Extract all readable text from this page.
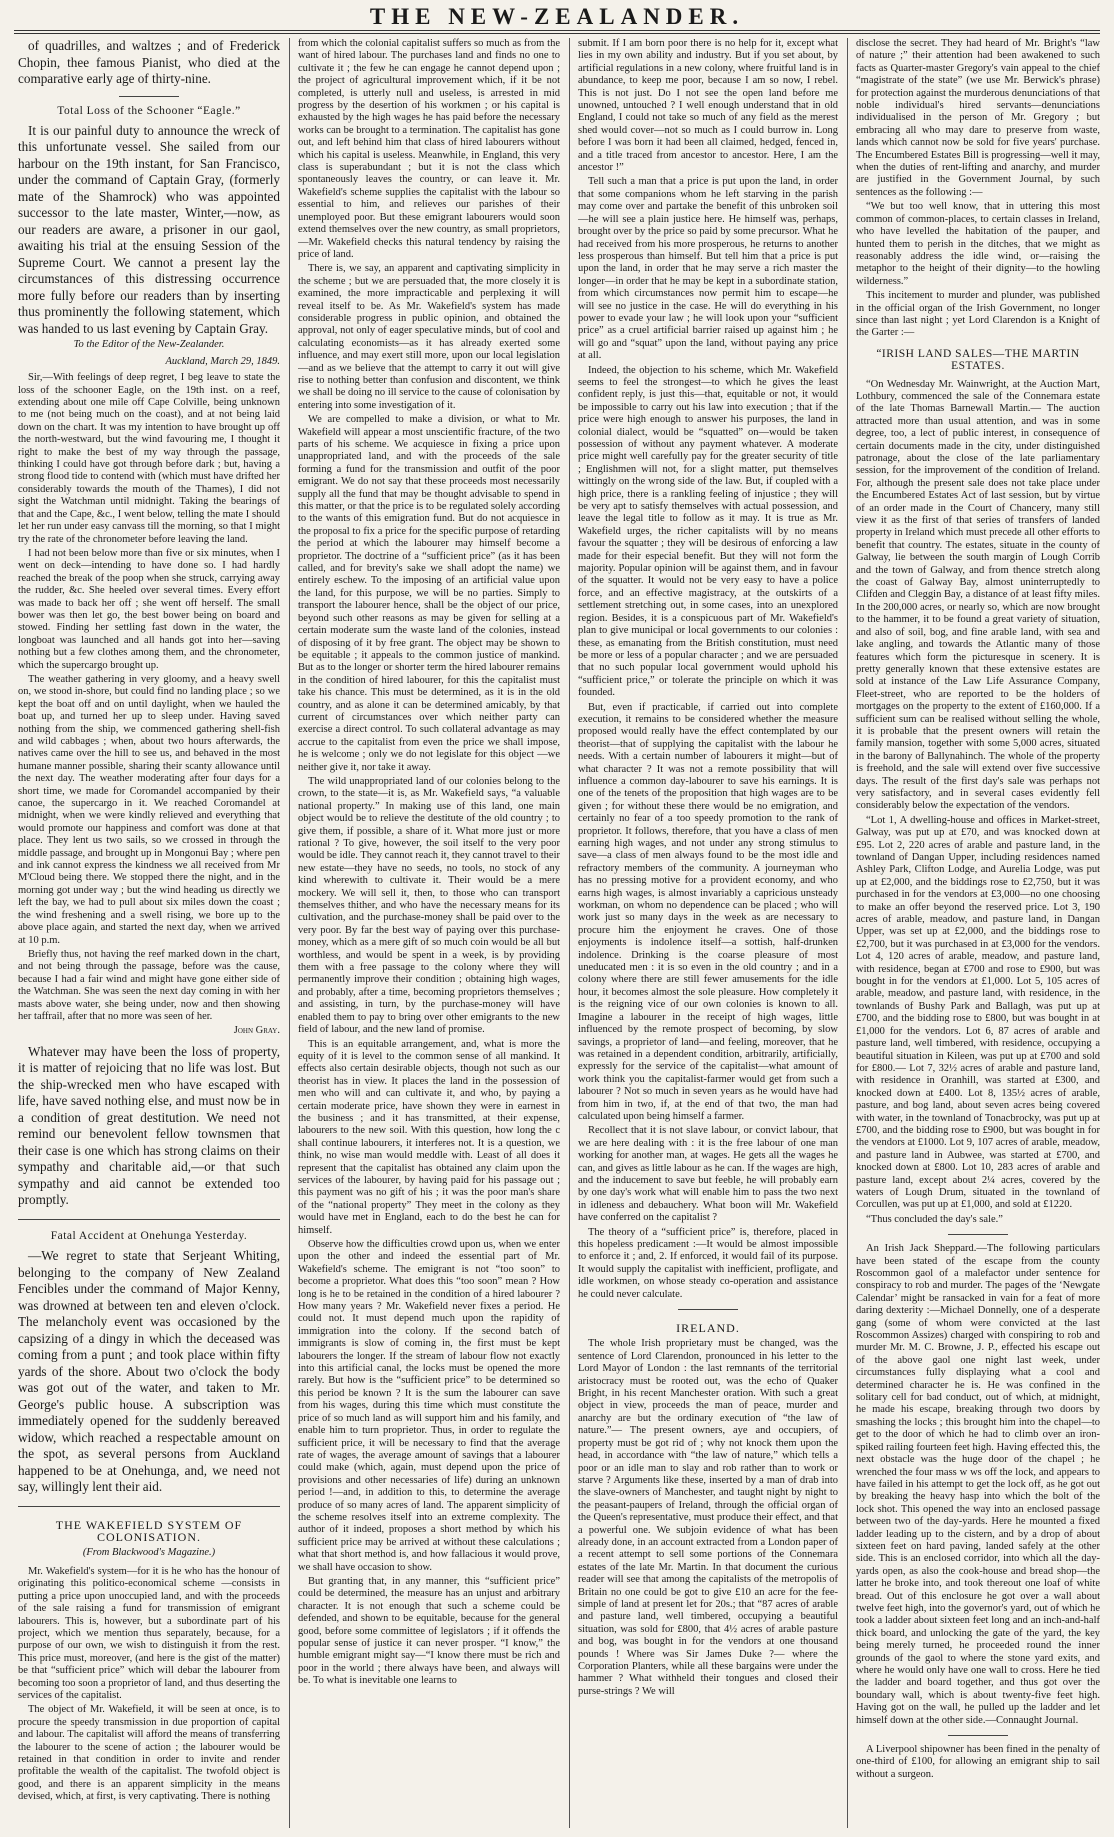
THE NEW-ZEALANDER.

of quadrilles, and waltzes ; and of Frederick Chopin, thee famous Pianist, who died at the comparative early age of thirty-nine.

Total Loss of the Schooner “Eagle.”

It is our painful duty to announce the wreck of this unfortunate vessel. She sailed from our harbour on the 19th instant, for San Francisco, under the command of Captain Gray, (formerly mate of the Shamrock) who was appointed successor to the late master, Winter,—now, as our readers are aware, a prisoner in our gaol, awaiting his trial at the ensuing Session of the Supreme Court. We cannot a present lay the circumstances of this distressing occurrence more fully before our readers than by inserting thus prominently the following statement, which was handed to us last evening by Captain Gray.

To the Editor of the New-Zealander.
Auckland, March 29, 1849.

Sir,—With feelings of deep regret, I beg leave to state the loss of the schooner Eagle, on the 19th inst. on a reef, extending about one mile off Cape Colville, being unknown to me (not being much on the coast), and at not being laid down on the chart. It was my intention to have brought up off the north-westward, but the wind favouring me, I thought it right to make the best of my way through the passage, thinking I could have got through before dark ; but, having a strong flood tide to contend with (which must have drifted her considerably towards the mouth of the Thames), I did not sight the Watchman until midnight. Taking the bearings of that and the Cape, &c., I went below, telling the mate I should let her run under easy canvass till the morning, so that I might try the rate of the chronometer before leaving the land.

I had not been below more than five or six minutes, when I went on deck—intending to have done so. I had hardly reached the break of the poop when she struck, carrying away the rudder, &c. She heeled over several times. Every effort was made to back her off ; she went off herself. The small bower was then let go, the best bower being on board and stowed. Finding her settling fast down in the water, the longboat was launched and all hands got into her—saving nothing but a few clothes among them, and the chronometer, which the supercargo brought up.

The weather gathering in very gloomy, and a heavy swell on, we stood in-shore, but could find no landing place ; so we kept the boat off and on until daylight, when we hauled the boat up, and turned her up to sleep under. Having saved nothing from the ship, we commenced gathering shell-fish and wild cabbages ; when, about two hours afterwards, the natives came over the hill to see us, and behaved in the most humane manner possible, sharing their scanty allowance until the next day. The weather moderating after four days for a short time, we made for Coromandel accompanied by their canoe, the supercargo in it. We reached Coromandel at midnight, when we were kindly relieved and everything that would promote our happiness and comfort was done at that place. They lent us two sails, so we crossed in through the middle passage, and brought up in Mongonui Bay ; where pen and ink cannot express the kindness we all received from Mr M'Cloud being there. We stopped there the night, and in the morning got under way ; but the wind heading us directly we left the bay, we had to pull about six miles down the coast ; the wind freshening and a swell rising, we bore up to the above place again, and started the next day, when we arrived at 10 p.m.

Briefly thus, not having the reef marked down in the chart, and not being through the passage, before was the cause, because I had a fair wind and might have gone either side of the Watchman. She was seen the next day coming in with her masts above water, she being under, now and then showing her taffrail, after that no more was seen of her.

John Gray.

Whatever may have been the loss of property, it is matter of rejoicing that no life was lost. But the ship-wrecked men who have escaped with life, have saved nothing else, and must now be in a condition of great destitution. We need not remind our benevolent fellow townsmen that their case is one which has strong claims on their sympathy and charitable aid,—or that such sympathy and aid cannot be extended too promptly.

Fatal Accident at Onehunga Yesterday.

—We regret to state that Serjeant Whiting, belonging to the company of New Zealand Fencibles under the command of Major Kenny, was drowned at between ten and eleven o'clock. The melancholy event was occasioned by the capsizing of a dingy in which the deceased was coming from a punt ; and took place within fifty yards of the shore. About two o'clock the body was got out of the water, and taken to Mr. George's public house. A subscription was immediately opened for the suddenly bereaved widow, which reached a respectable amount on the spot, as several persons from Auckland happened to be at Onehunga, and, we need not say, willingly lent their aid.

THE WAKEFIELD SYSTEM OF COLONISATION.
(From Blackwood's Magazine.)

Mr. Wakefield's system—for it is he who has the honour of originating this politico-economical scheme —consists in putting a price upon unoccupied land, and with the proceeds of the sale raising a fund for transmission of emigrant labourers. This is, however, but a subordinate part of his project, which we mention thus separately, because, for a purpose of our own, we wish to distinguish it from the rest. This price must, moreover, (and here is the gist of the matter) be that “sufficient price” which will debar the labourer from becoming too soon a proprietor of land, and thus deserting the services of the capitalist.

The object of Mr. Wakefield, it will be seen at once, is to procure the speedy transmission in due proportion of capital and labour. The capitalist will afford the means of transferring the labourer to the scene of action ; the labourer would be retained in that condition in order to invite and render profitable the wealth of the capitalist. The twofold object is good, and there is an apparent simplicity in the means devised, which, at first, is very captivating. There is nothing

from which the colonial capitalist suffers so much as from the want of hired labour. The purchases land and finds no one to cultivate it ; the few he can engage he cannot depend upon ; the project of agricultural improvement which, if it be not completed, is utterly null and useless, is arrested in mid progress by the desertion of his workmen ; or his capital is exhausted by the high wages he has paid before the necessary works can be brought to a termination. The capitalist has gone out, and left behind him that class of hired labourers without which his capital is useless. Meanwhile, in England, this very class is superabundant ; but it is not the class which spontaneously leaves the country, or can leave it. Mr. Wakefield's scheme supplies the capitalist with the labour so essential to him, and relieves our parishes of their unemployed poor. But these emigrant labourers would soon extend themselves over the new country, as small proprietors,—Mr. Wakefield checks this natural tendency by raising the price of land.

There is, we say, an apparent and captivating simplicity in the scheme ; but we are persuaded that, the more closely it is examined, the more impracticable and perplexing it will reveal itself to be. As Mr. Wakefield's system has made considerable progress in public opinion, and obtained the approval, not only of eager speculative minds, but of cool and calculating economists—as it has already exerted some influence, and may exert still more, upon our local legislation—and as we believe that the attempt to carry it out will give rise to nothing better than confusion and discontent, we think we shall be doing no ill service to the cause of colonisation by entering into some investigation of it.

We are compelled to make a division, or what to Mr. Wakefield will appear a most unscientific fracture, of the two parts of his scheme. We acquiesce in fixing a price upon unappropriated land, and with the proceeds of the sale forming a fund for the transmission and outfit of the poor emigrant. We do not say that these proceeds most necessarily supply all the fund that may be thought advisable to spend in this matter, or that the price is to be regulated solely according to the wants of this emigration fund. But do not acquiesce in the proposal to fix a price for the specific purpose of retarding the period at which the labourer may himself become a proprietor. The doctrine of a “sufficient price” (as it has been called, and for brevity's sake we shall adopt the name) we entirely eschew. To the imposing of an artificial value upon the land, for this purpose, we will be no parties. Simply to transport the labourer hence, shall be the object of our price, beyond such other reasons as may be given for selling at a certain moderate sum the waste land of the colonies, instead of disposing of it by free grant. The object may be shown to be equitable ; it appeals to the common justice of mankind. But as to the longer or shorter term the hired labourer remains in the condition of hired labourer, for this the capitalist must take his chance. This must be determined, as it is in the old country, and as alone it can be determined amicably, by that current of circumstances over which neither party can exercise a direct control. To such collateral advantage as may accrue to the capitalist from even the price we shall impose, he is welcome ; only we do not legislate for this object —we neither give it, nor take it away.

The wild unappropriated land of our colonies belong to the crown, to the state—it is, as Mr. Wakefield says, “a valuable national property.” In making use of this land, one main object would be to relieve the destitute of the old country ; to give them, if possible, a share of it. What more just or more rational ? To give, however, the soil itself to the very poor would be idle. They cannot reach it, they cannot travel to their new estate—they have no seeds, no tools, no stock of any kind wherewith to cultivate it. Their would be a mere mockery. We will sell it, then, to those who can transport themselves thither, and who have the necessary means for its cultivation, and the purchase-money shall be paid over to the very poor. By far the best way of paying over this purchase-money, which as a mere gift of so much coin would be all but worthless, and would be spent in a week, is by providing them with a free passage to the colony where they will permanently improve their condition ; obtaining high wages, and probably, after a time, becoming proprietors themselves ; and assisting, in turn, by the purchase-money will have enabled them to pay to bring over other emigrants to the new field of labour, and the new land of promise.

This is an equitable arrangement, and, what is more the equity of it is level to the common sense of all mankind. It effects also certain desirable objects, though not such as our theorist has in view. It places the land in the possession of men who will and can cultivate it, and who, by paying a certain moderate price, have shown they were in earnest in the business ; and it has transmitted, at their expense, labourers to the new soil. With this question, how long the c shall continue labourers, it interferes not. It is a question, we think, no wise man would meddle with. Least of all does it represent that the capitalist has obtained any claim upon the services of the labourer, by having paid for his passage out ; this payment was no gift of his ; it was the poor man's share of the “national property” They meet in the colony as they would have met in England, each to do the best he can for himself.

Observe how the difficulties crowd upon us, when we enter upon the other and indeed the essential part of Mr. Wakefield's scheme. The emigrant is not “too soon” to become a proprietor. What does this “too soon” mean ? How long is he to be retained in the condition of a hired labourer ? How many years ? Mr. Wakefield never fixes a period. He could not. It must depend much upon the rapidity of immigration into the colony. If the second batch of immigrants is slow of coming in, the first must be kept labourers the longer. If the stream of labour flow not exactly into this artificial canal, the locks must be opened the more rarely. But how is the “sufficient price” to be determined so this period be known ? It is the sum the labourer can save from his wages, during this time which must constitute the price of so much land as will support him and his family, and enable him to turn proprietor. Thus, in order to regulate the sufficient price, it will be necessary to find that the average rate of wages, the average amount of savings that a labourer could make (which, again, must depend upon the price of provisions and other necessaries of life) during an unknown period !—and, in addition to this, to determine the average produce of so many acres of land. The apparent simplicity of the scheme resolves itself into an extreme complexity. The author of it indeed, proposes a short method by which his sufficient price may be arrived at without these calculations ; what that short method is, and how fallacious it would prove, we shall have occasion to show.

But granting that, in any manner, this “sufficient price” could be determined, the measure has an unjust and arbitrary character. It is not enough that such a scheme could be defended, and shown to be equitable, because for the general good, before some committee of legislators ; if it offends the popular sense of justice it can never prosper. “I know,” the humble emigrant might say—“I know there must be rich and poor in the world ; there always have been, and always will be. To what is inevitable one learns to

submit. If I am born poor there is no help for it, except what lies in my own ability and industry. But if you set about, by artificial regulations in a new colony, where fruitful land is in abundance, to keep me poor, because I am so now, I rebel. This is not just. Do I not see the open land before me unowned, untouched ? I well enough understand that in old England, I could not take so much of any field as the merest shed would cover—not so much as I could burrow in. Long before I was born it had been all claimed, hedged, fenced in, and a title traced from ancestor to ancestor. Here, I am the ancestor !”

Tell such a man that a price is put upon the land, in order that some companions whom he left starving in the parish may come over and partake the benefit of this unbroken soil—he will see a plain justice here. He himself was, perhaps, brought over by the price so paid by some precursor. What he had received from his more prosperous, he returns to another less prosperous than himself. But tell him that a price is put upon the land, in order that he may serve a rich master the longer—in order that he may be kept in a subordinate station, from which circumstances now permit him to escape—he will see no justice in the case. He will do everything in his power to evade your law ; he will look upon your “sufficient price” as a cruel artificial barrier raised up against him ; he will go and “squat” upon the land, without paying any price at all.

Indeed, the objection to his scheme, which Mr. Wakefield seems to feel the strongest—to which he gives the least confident reply, is just this—that, equitable or not, it would be impossible to carry out his law into execution ; that if the price were high enough to answer his purposes, the land in colonial dialect, would be “squatted” on—would be taken possession of without any payment whatever. A moderate price might well carefully pay for the greater security of title ; Englishmen will not, for a slight matter, put themselves wittingly on the wrong side of the law. But, if coupled with a high price, there is a rankling feeling of injustice ; they will be very apt to satisfy themselves with actual possession, and leave the legal title to follow as it may. It is true as Mr. Wakefield urges, the richer capitalists will by no means favour the squatter ; they will be desirous of enforcing a law made for their especial benefit. But they will not form the majority. Popular opinion will be against them, and in favour of the squatter. It would not be very easy to have a police force, and an effective magistracy, at the outskirts of a settlement stretching out, in some cases, into an unexplored region. Besides, it is a conspicuous part of Mr. Wakefield's plan to give municipal or local governments to our colonies : these, as emanating from the British constitution, must need be more or less of a popular character ; and we are persuaded that no such popular local government would uphold his “sufficient price,” or tolerate the principle on which it was founded.

But, even if practicable, if carried out into complete execution, it remains to be considered whether the measure proposed would really have the effect contemplated by our theorist—that of supplying the capitalist with the labour he needs. With a certain number of labourers it might—but of what character ? It was not a remote possibility that will influence a common day-labourer to save his earnings. It is one of the tenets of the proposition that high wages are to be given ; for without these there would be no emigration, and certainly no fear of a too speedy promotion to the rank of proprietor. It follows, therefore, that you have a class of men earning high wages, and not under any strong stimulus to save—a class of men always found to be the most idle and refractory members of the community. A journeyman who has no pressing motive for a provident economy, and who earns high wages, is almost invariably a capricious unsteady workman, on whom no dependence can be placed ; who will work just so many days in the week as are necessary to procure him the enjoyment he craves. One of those enjoyments is indolence itself—a sottish, half-drunken indolence. Drinking is the coarse pleasure of most uneducated men : it is so even in the old country ; and in a colony where there are still fewer amusements for the idle hour, it becomes almost the sole pleasure. How completely it is the reigning vice of our own colonies is known to all. Imagine a labourer in the receipt of high wages, little influenced by the remote prospect of becoming, by slow savings, a proprietor of land—and feeling, moreover, that he was retained in a dependent condition, arbitrarily, artificially, expressly for the service of the capitalist—what amount of work think you the capitalist-farmer would get from such a labourer ? Not so much in seven years as he would have had from him in two, if, at the end of that two, the man had calculated upon being himself a farmer.

Recollect that it is not slave labour, or convict labour, that we are here dealing with : it is the free labour of one man working for another man, at wages. He gets all the wages he can, and gives as little labour as he can. If the wages are high, and the inducement to save but feeble, he will probably earn by one day's work what will enable him to pass the two next in idleness and debauchery. What boon will Mr. Wakefield have conferred on the capitalist ?

The theory of a “sufficient price” is, therefore, placed in this hopeless predicament :—It would be almost impossible to enforce it ; and, 2. If enforced, it would fail of its purpose. It would supply the capitalist with inefficient, profligate, and idle workmen, on whose steady co-operation and assistance he could never calculate.

IRELAND.

The whole Irish proprietary must be changed, was the sentence of Lord Clarendon, pronounced in his letter to the Lord Mayor of London : the last remnants of the territorial aristocracy must be rooted out, was the echo of Quaker Bright, in his recent Manchester oration. With such a great object in view, proceeds the man of peace, murder and anarchy are but the ordinary execution of “the law of nature.”— The present owners, aye and occupiers, of property must be got rid of ; why not knock them upon the head, in accordance with “the law of nature,” which tells a poor or an idle man to slay and rob rather than to work or starve ? Arguments like these, inserted by a man of drab into the slave-owners of Manchester, and taught night by night to the peasant-paupers of Ireland, through the official organ of the Queen's representative, must produce their effect, and that a powerful one. We subjoin evidence of what has been already done, in an account extracted from a London paper of a recent attempt to sell some portions of the Connemara estates of the late Mr. Martin. In that document the curious reader will see that among the capitalists of the metropolis of Britain no one could be got to give £10 an acre for the fee-simple of land at present let for 20s.; that “87 acres of arable and pasture land, well timbered, occupying a beautiful situation, was sold for £800, that 4½ acres of arable pasture and bog, was bought in for the vendors at one thousand pounds ! Where was Sir James Duke ?— where the Corporation Planters, while all these bargains were under the hammer ? What withheld their tongues and closed their purse-strings ? We will

disclose the secret. They had heard of Mr. Bright's “law of nature ;” their attention had been awakened to such facts as Quarter-master Gregory's vain appeal to the chief “magistrate of the state” (we use Mr. Berwick's phrase) for protection against the murderous denunciations of that noble individual's hired servants—denunciations individualised in the person of Mr. Gregory ; but embracing all who may dare to preserve from waste, lands which cannot now be sold for five years' purchase. The Encumbered Estates Bill is progressing—well it may, when the duties of rent-lifting and anarchy, and murder are justified in the Government Journal, by such sentences as the following :—

“We but too well know, that in uttering this most common of common-places, to certain classes in Ireland, who have levelled the habitation of the pauper, and hunted them to perish in the ditches, that we might as reasonably address the idle wind, or—raising the metaphor to the height of their dignity—to the howling wilderness.”

This incitement to murder and plunder, was published in the official organ of the Irish Government, no longer since than last night ; yet Lord Clarendon is a Knight of the Garter :—

“IRISH LAND SALES—THE MARTIN ESTATES.

“On Wednesday Mr. Wainwright, at the Auction Mart, Lothbury, commenced the sale of the Connemara estate of the late Thomas Barnewall Martin.— The auction attracted more than usual attention, and was in some degree, too, a lect of public interest, in consequence of certain documents made in the city, under distinguished patronage, about the close of the late parliamentary session, for the improvement of the condition of Ireland. For, although the present sale does not take place under the Encumbered Estates Act of last session, but by virtue of an order made in the Court of Chancery, many still view it as the first of that series of transfers of landed property in Ireland which must precede all other efforts to benefit that country. The estates, situate in the county of Galway, lie between the south margin of Lough Corrib and the town of Galway, and from thence stretch along the coast of Galway Bay, almost uninterruptedly to Clifden and Cleggin Bay, a distance of at least fifty miles. In the 200,000 acres, or nearly so, which are now brought to the hammer, it to be found a great variety of situation, and also of soil, bog, and fine arable land, with sea and lake angling, and towards the Atlantic many of those features which form the picturesque in scenery. It is pretty generally known that these extensive estates are sold at instance of the Law Life Assurance Company, Fleet-street, who are reported to be the holders of mortgages on the property to the extent of £160,000. If a sufficient sum can be realised without selling the whole, it is probable that the present owners will retain the family mansion, together with some 5,000 acres, situated in the barony of Ballynahinch. The whole of the property is freehold, and the sale will extend over five successive days. The result of the first day's sale was perhaps not very satisfactory, and in several cases evidently fell considerably below the expectation of the vendors.

“Lot 1, A dwelling-house and offices in Market-street, Galway, was put up at £70, and was knocked down at £95. Lot 2, 220 acres of arable and pasture land, in the townland of Dangan Upper, including residences named Ashley Park, Clifton Lodge, and Aurelia Lodge, was put up at £2,000, and the biddings rose to £2,750, but it was purchased in for the vendors at £3,000—no one choosing to make an offer beyond the reserved price. Lot 3, 190 acres of arable, meadow, and pasture land, in Dangan Upper, was set up at £2,000, and the biddings rose to £2,700, but it was purchased in at £3,000 for the vendors. Lot 4, 120 acres of arable, meadow, and pasture land, with residence, began at £700 and rose to £900, but was bought in for the vendors at £1,000. Lot 5, 105 acres of arable, meadow, and pasture land, with residence, in the townlands of Bushy Park and Ballagh, was put up at £700, and the bidding rose to £800, but was bought in at £1,000 for the vendors. Lot 6, 87 acres of arable and pasture land, well timbered, with residence, occupying a beautiful situation in Kileen, was put up at £700 and sold for £800.— Lot 7, 32½ acres of arable and pasture land, with residence in Oranhill, was started at £300, and knocked down at £400. Lot 8, 135½ acres of arable, pasture, and bog land, about seven acres being covered with water, in the townland of Tonacbrocky, was put up at £700, and the bidding rose to £900, but was bought in for the vendors at £1000. Lot 9, 107 acres of arable, meadow, and pasture land in Aubwee, was started at £700, and knocked down at £800. Lot 10, 283 acres of arable and pasture land, except about 2¼ acres, covered by the waters of Lough Drum, situated in the townland of Corcullen, was put up at £1,000, and sold at £1220.

“Thus concluded the day's sale.”

An Irish Jack Sheppard.—The following particulars have been stated of the escape from the county Roscommon gaol of a malefactor under sentence for conspiracy to rob and murder. The pages of the ‘Newgate Calendar’ might be ransacked in vain for a feat of more daring dexterity :—Michael Donnelly, one of a desperate gang (some of whom were convicted at the last Roscommon Assizes) charged with conspiring to rob and murder Mr. M. C. Browne, J. P., effected his escape out of the above gaol one night last week, under circumstances fully displaying what a cool and determined character he is. He was confined in the solitary cell for bad conduct, out of which, at midnight, he made his escape, breaking through two doors by smashing the locks ; this brought him into the chapel—to get to the door of which he had to climb over an iron-spiked railing fourteen feet high. Having effected this, the next obstacle was the huge door of the chapel ; he wrenched the four mass w ws off the lock, and appears to have failed in his attempt to get the lock off, as he got out by breaking the heavy hasp into which the bolt of the lock shot. This opened the way into an enclosed passage between two of the day-yards. Here he mounted a fixed ladder leading up to the cistern, and by a drop of about sixteen feet on hard paving, landed safely at the other side. This is an enclosed corridor, into which all the day-yards open, as also the cook-house and bread shop—the latter he broke into, and took thereout one loaf of white bread. Out of this enclosure he got over a wall about twelve feet high, into the governor's yard, out of which he took a ladder about sixteen feet long and an inch-and-half thick board, and unlocking the gate of the yard, the key being merely turned, he proceeded round the inner grounds of the gaol to where the stone yard exits, and where he would only have one wall to cross. Here he tied the ladder and board together, and thus got over the boundary wall, which is about twenty-five feet high. Having got on the wall, he pulled up the ladder and let himself down at the other side.—Connaught Journal.

A Liverpool shipowner has been fined in the penalty of one-third of £100, for allowing an emigrant ship to sail without a surgeon.
